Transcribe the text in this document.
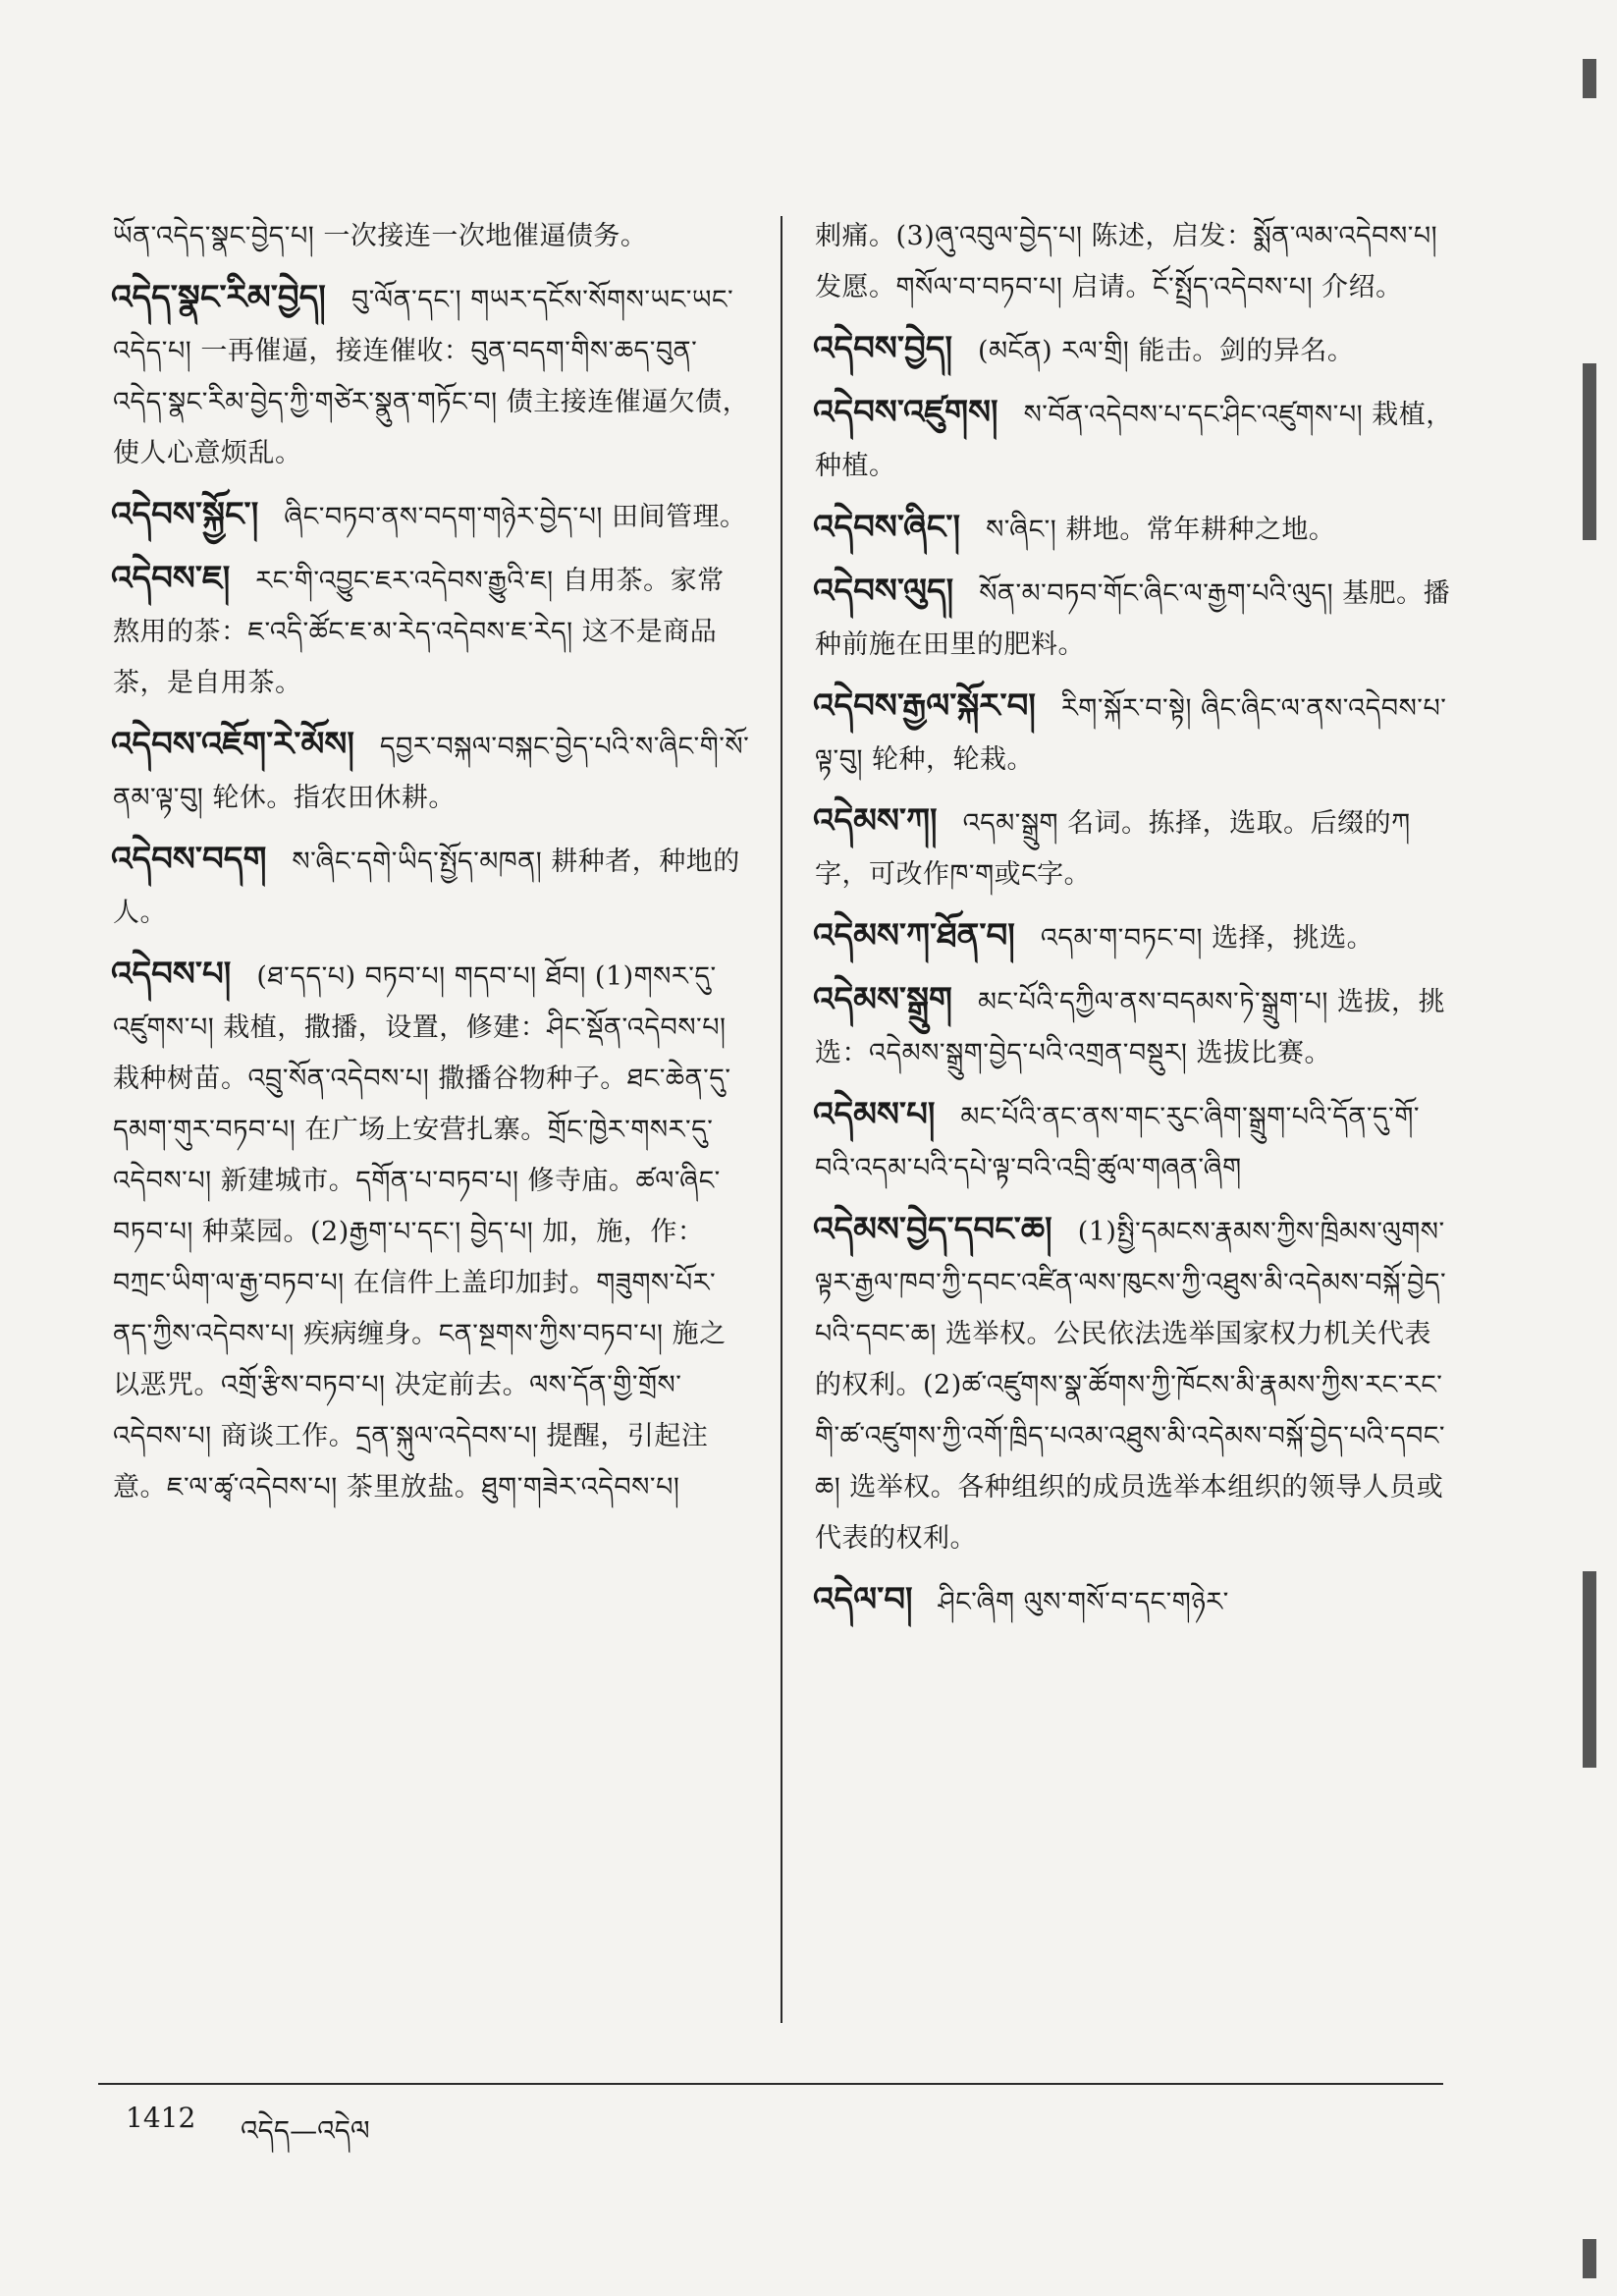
ཡོན་འདེད་སྣང་བྱེད་པ། 一次接连一次地催逼债务。
འདེད་སྣང་རིམ་བྱེད། བུ་ལོན་དང་། གཡར་དངོས་སོགས་ཡང་ཡང་འདེད་པ། 一再催逼，接连催收：བུན་བདག་གིས་ཆད་བུན་འདེད་སྣང་རིམ་བྱེད་ཀྱི་གཙེར་སྣུན་གཏོང་བ། 债主接连催逼欠债，使人心意烦乱。
འདེབས་སྐྱོང་། ཞིང་བཏབ་ནས་བདག་གཉེར་བྱེད་པ། 田间管理。
འདེབས་ཇ། རང་གི་འབྱུང་ཇར་འདེབས་རྒྱུའི་ཇ། 自用茶。家常熬用的茶：ཇ་འདི་ཚོང་ཇ་མ་རེད་འདེབས་ཇ་རེད། 这不是商品茶，是自用茶。
འདེབས་འཇོག་རེ་མོས། དབྱར་བསྐལ་བསྐང་བྱེད་པའི་ས་ཞིང་གི་སོ་ནམ་ལྟ་བུ། 轮休。指农田休耕。
འདེབས་བདག ས་ཞིང་དགེ་ཡིད་སྤྱོད་མཁན། 耕种者，种地的人。
འདེབས་པ། (ཐ་དད་པ) བཏབ་པ། གདབ་པ། ཐོབ། (1)གསར་དུ་འཛུགས་པ། 栽植，撒播，设置，修建：ཤིང་སྡོན་འདེབས་པ། 栽种树苗。འབྲུ་སོན་འདེབས་པ། 撒播谷物种子。ཐང་ཆེན་དུ་དམག་གུར་བཏབ་པ། 在广场上安营扎寨。གྲོང་ཁྱེར་གསར་དུ་འདེབས་པ། 新建城市。དགོན་པ་བཏབ་པ། 修寺庙。ཚལ་ཞིང་བཏབ་པ། 种菜园。(2)རྒྱག་པ་དང་། བྱེད་པ། 加，施，作：བཀྲང་ཡིག་ལ་རྒྱ་བཏབ་པ། 在信件上盖印加封。གཟུགས་པོར་ནད་ཀྱིས་འདེབས་པ། 疾病缠身。ངན་སྔགས་ཀྱིས་བཏབ་པ། 施之以恶咒。འགྲོ་རྩིས་བཏབ་པ། 决定前去。ལས་དོན་གྱི་གྲོས་འདེབས་པ། 商谈工作。དྲན་སྐུལ་འདེབས་པ། 提醒，引起注意。ཇ་ལ་ཚྭ་འདེབས་པ། 茶里放盐。ཐུག་གཟེར་འདེབས་པ།
刺痛。(3)ཞུ་འབུལ་བྱེད་པ། 陈述，启发：སྨོན་ལམ་འདེབས་པ། 发愿。གསོལ་བ་བཏབ་པ། 启请。ངོ་སྤྲོད་འདེབས་པ། 介绍。
འདེབས་བྱེད། (མངོན) རལ་གྲི། 能击。剑的异名。
འདེབས་འཛུགས། ས་བོན་འདེབས་པ་དང་ཤིང་འཛུགས་པ། 栽植，种植。
འདེབས་ཞིང་། ས་ཞིང་། 耕地。常年耕种之地。
འདེབས་ལུད། སོན་མ་བཏབ་གོང་ཞིང་ལ་རྒྱག་པའི་ལུད། 基肥。播种前施在田里的肥料。
འདེབས་རྒྱལ་སྐོར་བ། རིག་སྐོར་བ་སྟེ། ཞིང་ཞིང་ལ་ནས་འདེབས་པ་ལྟ་བུ། 轮种，轮栽。
འདེམས་ཀ། འདམ་སྒྲུག 名词。拣择，选取。后缀的ཀ字，可改作ཁ་ག或ང字。
འདེམས་ཀ་ཐོན་བ། འདམ་ག་བཏང་བ། 选择，挑选。
འདེམས་སྒྲུག མང་པོའི་དཀྱིལ་ནས་བདམས་ཏེ་སྒྲུག་པ། 选拔，挑选：འདེམས་སྒྲུག་བྱེད་པའི་འགྲན་བསྡུར། 选拔比赛。
འདེམས་པ། མང་པོའི་ནང་ནས་གང་རུང་ཞིག་སྒྲུག་པའི་དོན་དུ་གོ་བའི་འདམ་པའི་དཔེ་ལྟ་བའི་འབྲི་ཚུལ་གཞན་ཞིག
འདེམས་བྱེད་དབང་ཆ། (1)སྤྱི་དམངས་རྣམས་ཀྱིས་ཁྲིམས་ལུགས་ལྟར་རྒྱལ་ཁབ་ཀྱི་དབང་འཛིན་ལས་ཁུངས་ཀྱི་འཐུས་མི་འདེམས་བསྐོ་བྱེད་པའི་དབང་ཆ། 选举权。公民依法选举国家权力机关代表的权利。(2)ཚ་འཛུགས་སྣ་ཚོགས་ཀྱི་ཁོངས་མི་རྣམས་ཀྱིས་རང་རང་གི་ཚ་འཛུགས་ཀྱི་འགོ་ཁྲིད་པའམ་འཐུས་མི་འདེམས་བསྐོ་བྱེད་པའི་དབང་ཆ། 选举权。各种组织的成员选举本组织的领导人员或代表的权利。
འདེལ་བ། ཤིང་ཞིག ལུས་གསོ་བ་དང་གཉེར་
1412 འདེད—འདེལ
